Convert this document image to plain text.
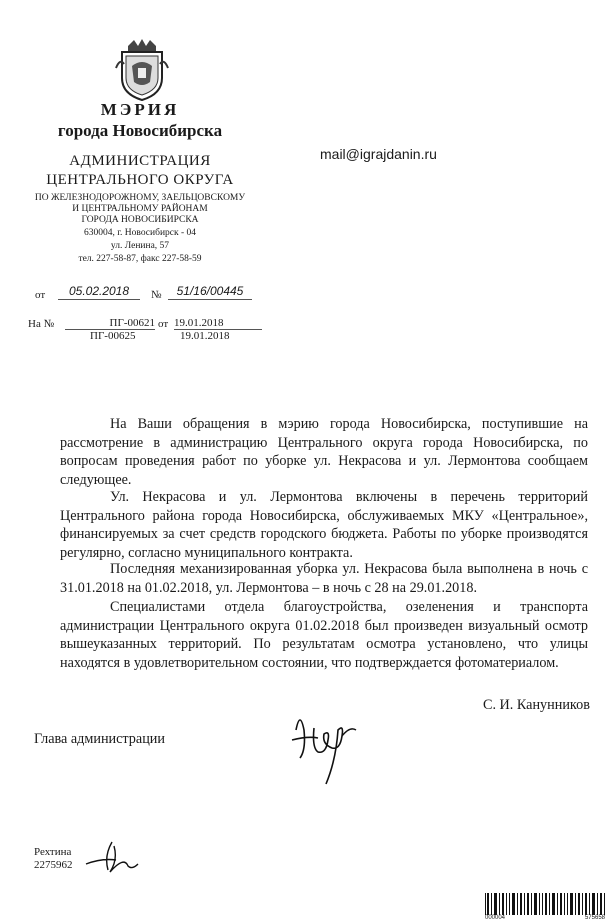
МЭРИЯ
города Новосибирска
АДМИНИСТРАЦИЯ
ЦЕНТРАЛЬНОГО ОКРУГА
ПО ЖЕЛЕЗНОДОРОЖНОМУ, ЗАЕЛЬЦОВСКОМУ
И ЦЕНТРАЛЬНОМУ РАЙОНАМ
ГОРОДА НОВОСИБИРСКА
630004, г. Новосибирск - 04
ул. Ленина, 57
тел. 227-58-87, факс 227-58-59
mail@igrajdanin.ru
от	05.02.2018	№	51/16/00445
На №	ПГ-00621 от 19.01.2018
ПГ-00625	19.01.2018

На Ваши обращения в мэрию города Новосибирска, поступившие на рассмотрение в администрацию Центрального округа города Новосибирска, по вопросам проведения работ по уборке ул. Некрасова и ул. Лермонтова сообщаем следующее.

Ул. Некрасова и ул. Лермонтова включены в перечень территорий Центрального района города Новосибирска, обслуживаемых МКУ «Центральное», финансируемых за счет средств городского бюджета. Работы по уборке производятся регулярно, согласно муниципального контракта.

Последняя механизированная уборка ул. Некрасова была выполнена в ночь с 31.01.2018 на 01.02.2018, ул. Лермонтова – в ночь с 28 на 29.01.2018.

Специалистами отдела благоустройства, озеленения и транспорта администрации Центрального округа 01.02.2018 был произведен визуальный осмотр вышеуказанных территорий. По результатам осмотра установлено, что улицы находятся в удовлетворительном состоянии, что подтверждается фотоматериалом.

Глава администрации
С. И. Канунников
Рехтина
2275962
000004	575658
